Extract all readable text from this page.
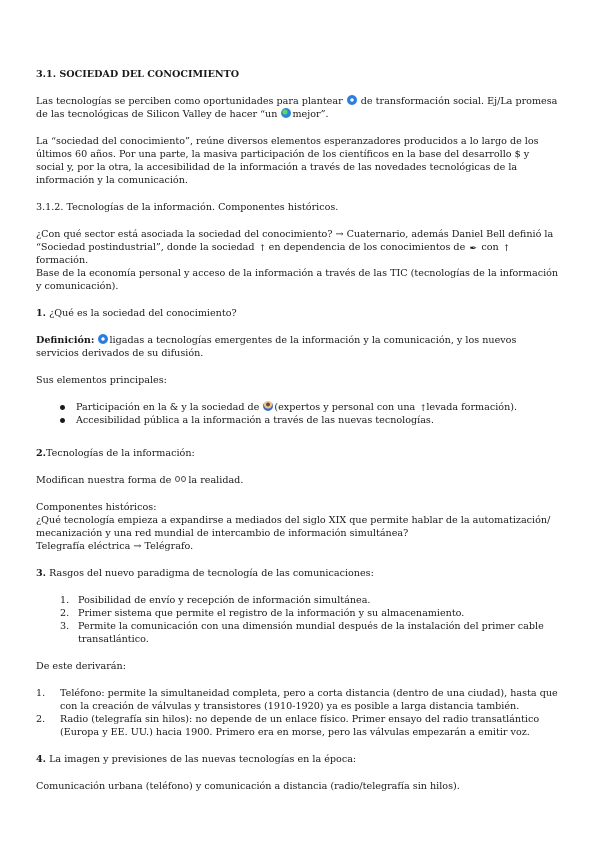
3.1. SOCIEDAD DEL CONOCIMIENTO

Las tecnologías se perciben como oportunidades para plantear  de transformación social. Ej/La promesa de las tecnológicas de Silicon Valley de hacer “un mejor”.

La “sociedad del conocimiento”, reúne diversos elementos esperanzadores producidos a lo largo de los últimos 60 años. Por una parte, la masiva participación de los científicos en la base del desarrollo $ y social y, por la otra, la accesibilidad de la información a través de las novedades tecnológicas de la información y la comunicación.

3.1.2. Tecnologías de la información. Componentes históricos.

¿Con qué sector está asociada la sociedad del conocimiento? → Cuaternario, además Daniel Bell definió la “Sociedad postindustrial”, donde la sociedad ↑ en dependencia de los conocimientos de ✒ con ↑ formación.

Base de la economía personal y acceso de la información a través de las TIC (tecnologías de la información y comunicación).

1. ¿Qué es la sociedad del conocimiento?

Definición: ligadas a tecnologías emergentes de la información y la comunicación, y los nuevos servicios derivados de su difusión.

Sus elementos principales:

Participación en la & y la sociedad de (expertos y personal con una ↑levada formación).
Accesibilidad pública a la información a través de las nuevas tecnologías.
2.Tecnologías de la información:

Modifican nuestra forma de la realidad.

Componentes históricos:

¿Qué tecnología empieza a expandirse a mediados del siglo XIX que permite hablar de la automatización/ mecanización y una red mundial de intercambio de información simultánea?

Telegrafía eléctrica → Telégrafo.

3. Rasgos del nuevo paradigma de tecnología de las comunicaciones:
1. Posibilidad de envío y recepción de información simultánea.
2. Primer sistema que permite el registro de la información y su almacenamiento.
3. Permite la comunicación con una dimensión mundial después de la instalación del primer cable transatlántico.

De este derivarán:

1. Teléfono: permite la simultaneidad completa, pero a corta distancia (dentro de una ciudad), hasta que con la creación de válvulas y transistores (1910-1920) ya es posible a larga distancia también.
2. Radio (telegrafía sin hilos): no depende de un enlace físico. Primer ensayo del radio transatlántico (Europa y EE. UU.) hacia 1900. Primero era en morse, pero las válvulas empezarán a emitir voz.
4. La imagen y previsiones de las nuevas tecnologías en la época:

Comunicación urbana (teléfono) y comunicación a distancia (radio/telegrafía sin hilos).
